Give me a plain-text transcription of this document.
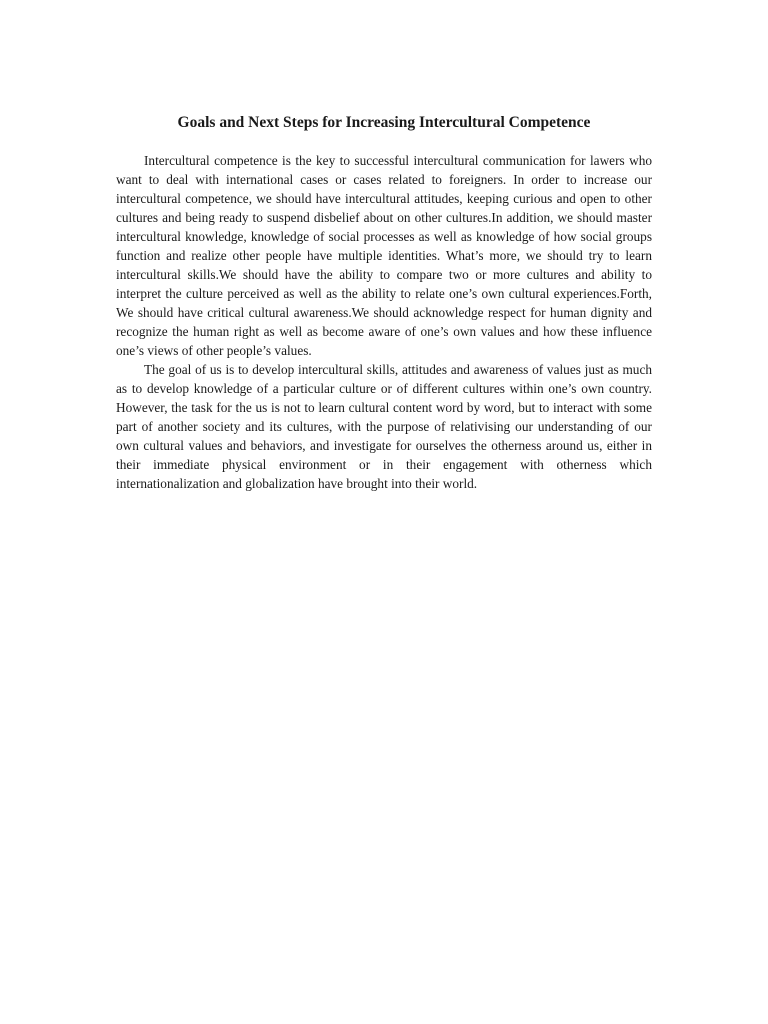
Goals and Next Steps for Increasing Intercultural Competence

Intercultural competence is the key to successful intercultural communication for lawers who want to deal with international cases or cases related to foreigners. In order to increase our intercultural competence, we should have intercultural attitudes, keeping curious and open to other cultures and being ready to suspend disbelief about on other cultures.In addition, we should master intercultural knowledge, knowledge of social processes as well as knowledge of how social groups function and realize other people have multiple identities. What’s more, we should try to learn intercultural skills.We should have the ability to compare two or more cultures and ability to interpret the culture perceived as well as the ability to relate one’s own cultural experiences.Forth, We should have critical cultural awareness.We should acknowledge respect for human dignity and recognize the human right as well as become aware of one’s own values and how these influence one’s views of other people’s values.

The goal of us is to develop intercultural skills, attitudes and awareness of values just as much as to develop knowledge of a particular culture or of different cultures within one’s own country. However, the task for the us is not to learn cultural content word by word, but to interact with some part of another society and its cultures, with the purpose of relativising our understanding of our own cultural values and behaviors, and investigate for ourselves the otherness around us, either in their immediate physical environment or in their engagement with otherness which internationalization and globalization have brought into their world.
